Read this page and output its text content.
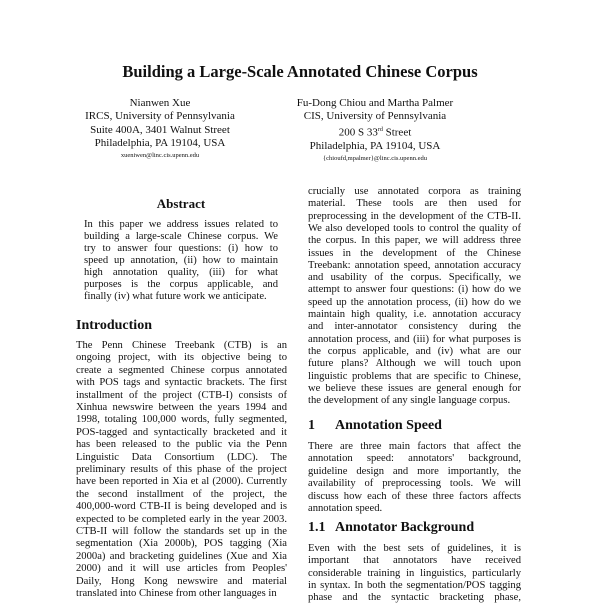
Building a Large-Scale Annotated Chinese Corpus
Nianwen Xue
IRCS, University of Pennsylvania
Suite 400A, 3401 Walnut Street
Philadelphia, PA 19104, USA
xueniwen@linc.cis.upenn.edu
Fu-Dong Chiou and Martha Palmer
CIS, University of Pennsylvania
200 S 33rd Street
Philadelphia, PA 19104, USA
{chioufd,mpalmer}@linc.cis.upenn.edu
Abstract
Introduction
1 Annotation Speed
1.1 Annotator Background
In this paper we address issues related to
building a large-scale Chinese corpus. We
try to answer four questions: (i) how to
speed up annotation, (ii) how to maintain
high annotation quality, (iii) for what
purposes is the corpus applicable, and
finally (iv) what future work we anticipate.
The Penn Chinese Treebank (CTB) is an
ongoing project, with its objective being to
create a segmented Chinese corpus annotated
with POS tags and syntactic brackets. The first
installment of the project (CTB-I) consists of
Xinhua newswire between the years 1994 and
1998, totaling 100,000 words, fully segmented,
POS-tagged and syntactically bracketed and it
has been released to the public via the Penn
Linguistic Data Consortium (LDC). The
preliminary results of this phase of the project
have been reported in Xia et al (2000). Currently
the second installment of the project, the
400,000-word CTB-II is being developed and is
expected to be completed early in the year 2003.
CTB-II will follow the standards set up in the
segmentation (Xia 2000b), POS tagging (Xia
2000a) and bracketing guidelines (Xue and Xia
2000) and it will use articles from Peoples'
Daily, Hong Kong newswire and material
translated into Chinese from other languages in
crucially use annotated corpora as training
material. These tools are then used for
preprocessing in the development of the CTB-II.
We also developed tools to control the quality of
the corpus. In this paper, we will address three
issues in the development of the Chinese
Treebank: annotation speed, annotation accuracy
and usability of the corpus. Specifically, we
attempt to answer four questions: (i) how do we
speed up the annotation process, (ii) how do we
maintain high quality, i.e. annotation accuracy
and inter-annotator consistency during the
annotation process, and (iii) for what purposes is
the corpus applicable, and (iv) what are our
future plans? Although we will touch upon
linguistic problems that are specific to Chinese,
we believe these issues are general enough for
the development of any single language corpus.
There are three main factors that affect the
annotation speed: annotators' background,
guideline design and more importantly, the
availability of preprocessing tools. We will
discuss how each of these three factors affects
annotation speed.
Even with the best sets of guidelines, it is
important that annotators have received
considerable training in linguistics, particularly
in syntax. In both the segmentation/POS tagging
phase and the syntactic bracketing phase,
